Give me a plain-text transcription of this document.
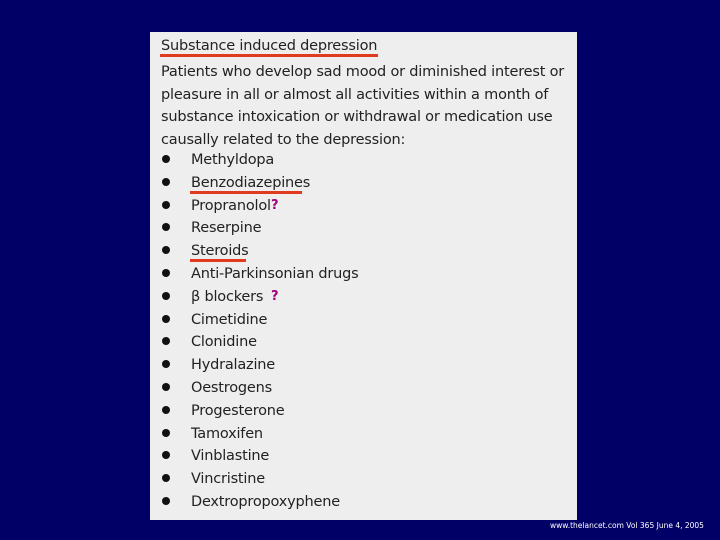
Substance induced depression
Patients who develop sad mood or diminished interest or pleasure in all or almost all activities within a month of substance intoxication or withdrawal or medication use causally related to the depression:
Methyldopa
Benzodiazepines
Propranolol ?
Reserpine
Steroids
Anti-Parkinsonian drugs
β blockers ?
Cimetidine
Clonidine
Hydralazine
Oestrogens
Progesterone
Tamoxifen
Vinblastine
Vincristine
Dextropropoxyphene
www.thelancet.com Vol 365 June 4, 2005
